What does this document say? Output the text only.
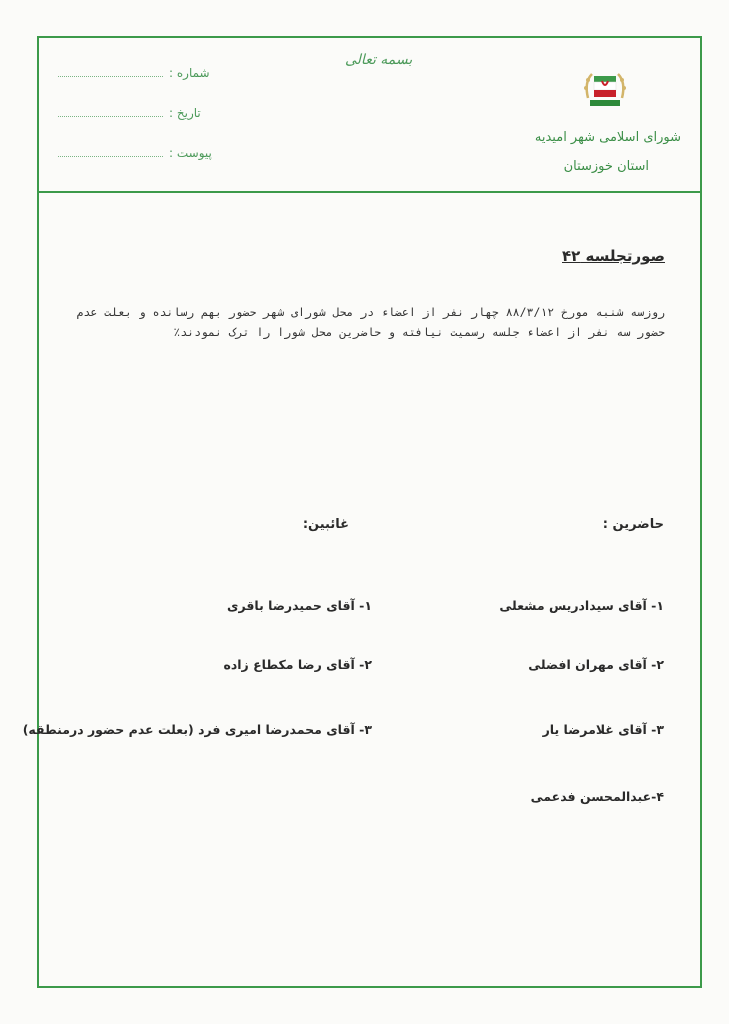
شماره :
تاریخ :
پیوست :
بسمه تعالی
شورای اسلامی شهر امیدیه
استان خوزستان
صورتجلسه ۴۲
روزسه شنبه مورخ ۸۸/۳/۱۲ چهار نفر از اعضاء در محل شورای شهر حضور بهم رسانده و بعلت عدم حضور سه نفر از اعضاء جلسه رسمیت نیافته و حاضرین محل شورا را ترک نمودند٪
حاضرین :
غائبین:
۱- آقای سیدادریس مشعلی
۲- آقای مهران افضلی
۳- آقای غلامرضا یار
۴-عبدالمحسن فدعمی
۱- آقای حمیدرضا باقری
۲- آقای رضا مکطاع زاده
۳- آقای محمدرضا امیری فرد (بعلت عدم حضور درمنطقه)
